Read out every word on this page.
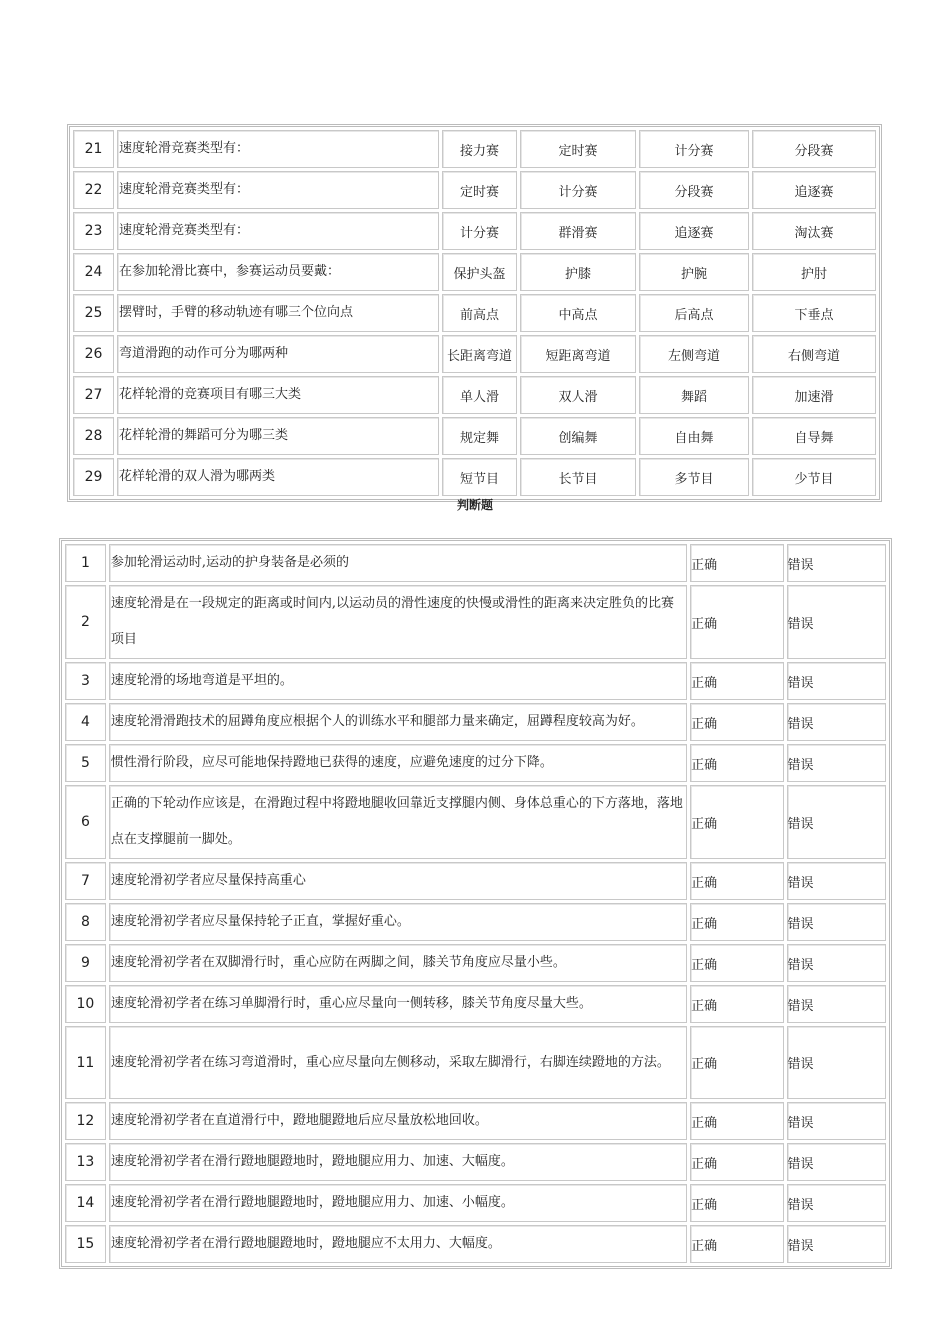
21	速度轮滑竞赛类型有：	接力赛	定时赛	计分赛	分段赛
22	速度轮滑竞赛类型有：	定时赛	计分赛	分段赛	追逐赛
23	速度轮滑竞赛类型有：	计分赛	群滑赛	追逐赛	淘汰赛
24	在参加轮滑比赛中，参赛运动员要戴：	保护头盔	护膝	护腕	护肘
25	摆臂时，手臂的移动轨迹有哪三个位向点	前高点	中高点	后高点	下垂点
26	弯道滑跑的动作可分为哪两种	长距离弯道	短距离弯道	左侧弯道	右侧弯道
27	花样轮滑的竞赛项目有哪三大类	单人滑	双人滑	舞蹈	加速滑
28	花样轮滑的舞蹈可分为哪三类	规定舞	创编舞	自由舞	自导舞
29	花样轮滑的双人滑为哪两类	短节目	长节目	多节目	少节目
判断题
1	参加轮滑运动时,运动的护身装备是必须的	正确	错误
2	速度轮滑是在一段规定的距离或时间内,以运动员的滑性速度的快慢或滑性的距离来决定胜负的比赛项目	正确	错误
3	速度轮滑的场地弯道是平坦的。	正确	错误
4	速度轮滑滑跑技术的屈蹲角度应根据个人的训练水平和腿部力量来确定，屈蹲程度较高为好。	正确	错误
5	惯性滑行阶段，应尽可能地保持蹬地已获得的速度，应避免速度的过分下降。	正确	错误
6	正确的下轮动作应该是，在滑跑过程中将蹬地腿收回靠近支撑腿内侧、身体总重心的下方落地，落地点在支撑腿前一脚处。	正确	错误
7	速度轮滑初学者应尽量保持高重心	正确	错误
8	速度轮滑初学者应尽量保持轮子正直，掌握好重心。	正确	错误
9	速度轮滑初学者在双脚滑行时，重心应防在两脚之间，膝关节角度应尽量小些。	正确	错误
10	速度轮滑初学者在练习单脚滑行时，重心应尽量向一侧转移，膝关节角度尽量大些。	正确	错误
11	速度轮滑初学者在练习弯道滑时，重心应尽量向左侧移动，采取左脚滑行，右脚连续蹬地的方法。	正确	错误
12	速度轮滑初学者在直道滑行中，蹬地腿蹬地后应尽量放松地回收。	正确	错误
13	速度轮滑初学者在滑行蹬地腿蹬地时，蹬地腿应用力、加速、大幅度。	正确	错误
14	速度轮滑初学者在滑行蹬地腿蹬地时，蹬地腿应用力、加速、小幅度。	正确	错误
15	速度轮滑初学者在滑行蹬地腿蹬地时，蹬地腿应不太用力、大幅度。	正确	错误
